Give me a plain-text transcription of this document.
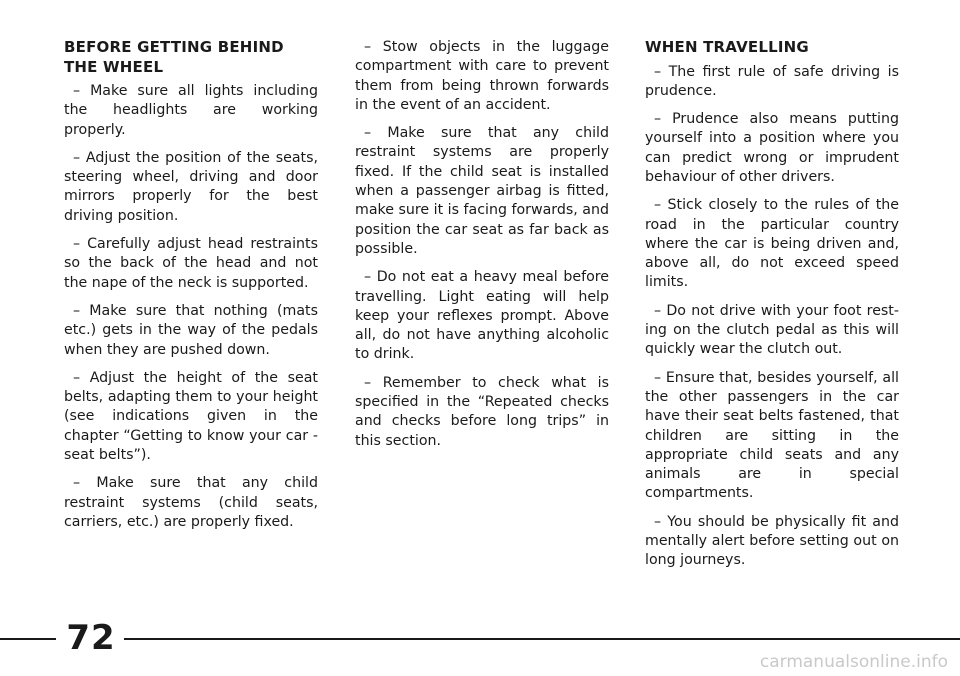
BEFORE GETTING BEHIND THE WHEEL

– Make sure all lights including the headlights are working properly.

– Adjust the position of the seats, steering wheel, driving and door mirrors properly for the best driving position.

– Carefully adjust head restraints so the back of the head and not the nape of the neck is supported.

– Make sure that nothing (mats etc.) gets in the way of the pedals when they are pushed down.

– Adjust the height of the seat belts, adapting them to your height (see indications given in the chapter “Getting to know your car - seat belts”).

– Make sure that any child restraint systems (child seats, carriers, etc.) are properly fixed.

– Stow objects in the luggage compartment with care to prevent them from being thrown forwards in the event of an accident.

– Make sure that any child restraint systems are properly fixed. If the child seat is installed when a passenger airbag is fitted, make sure it is facing forwards, and position the car seat as far back as possible.

– Do not eat a heavy meal before travelling. Light eating will help keep your reflexes prompt. Above all, do not have anything alcoholic to drink.

– Remember to check what is specified in the “Repeated checks and checks before long trips” in this section.

WHEN TRAVELLING

– The first rule of safe driving is prudence.

– Prudence also means putting yourself into a position where you can predict wrong or imprudent behaviour of other drivers.

– Stick closely to the rules of the road in the particular country where the car is being driven and, above all, do not exceed speed limits.

– Do not drive with your foot resting on the clutch pedal as this will quickly wear the clutch out.

– Ensure that, besides yourself, all the other passengers in the car have their seat belts fastened, that children are sitting in the appropriate child seats and any animals are in special compartments.

– You should be physically fit and mentally alert before setting out on long journeys.

72
carmanualsonline.info
